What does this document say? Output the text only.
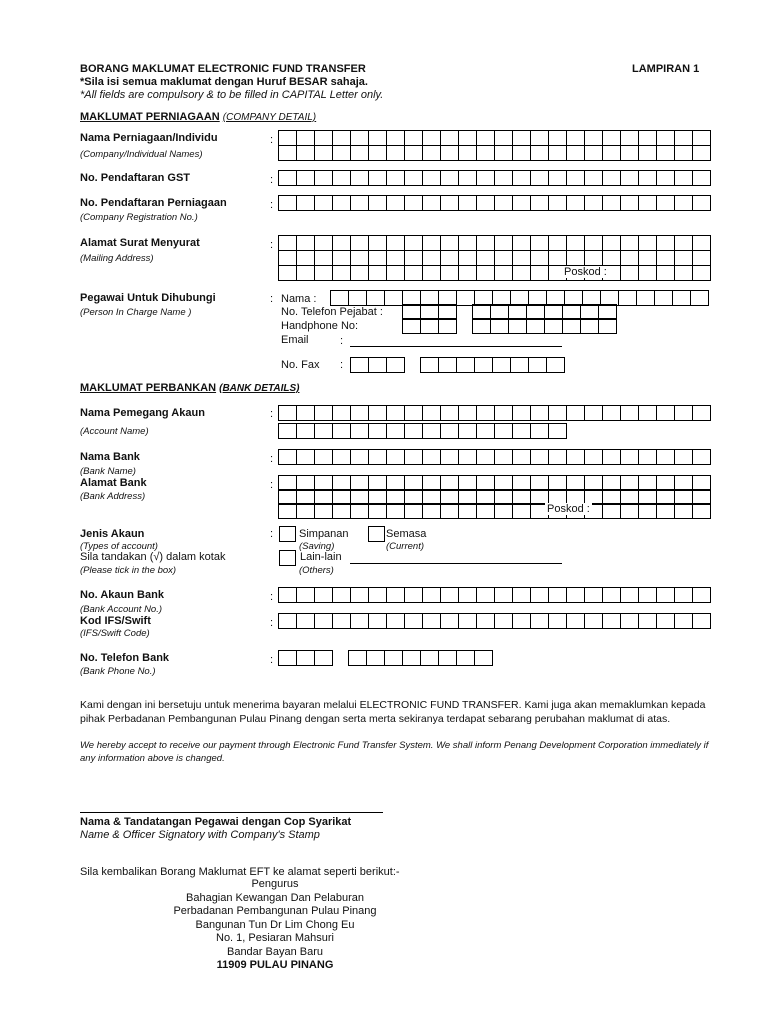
BORANG MAKLUMAT ELECTRONIC FUND TRANSFER	LAMPIRAN 1
*Sila isi semua maklumat dengan Huruf BESAR sahaja.
*All fields are compulsory & to be filled in CAPITAL Letter only.
MAKLUMAT PERNIAGAAN (COMPANY DETAIL)
Nama Perniagaan/Individu
(Company/Individual Names)
:
No. Pendaftaran GST	:
No. Pendaftaran Perniagaan
(Company Registration No.)
:
Alamat Surat Menyurat
(Mailing Address)
:
Poskod :
Pegawai Untuk Dihubungi
(Person In Charge Name )
: Nama :
No. Telefon Pejabat :
Handphone No:
Email	:
No. Fax :
MAKLUMAT PERBANKAN (BANK DETAILS)
Nama Pemegang Akaun
(Account Name)
:
Nama Bank
(Bank Name)
:
Alamat Bank
(Bank Address)
:
Poskod :
Jenis Akaun
(Types of account)
Sila tandakan (√) dalam kotak
(Please tick in the box)
: Simpanan
(Saving)
Semasa
(Current)
Lain-lain
(Others)
No. Akaun Bank
(Bank Account No.)
:
Kod IFS/Swift
(IFS/Swift Code)
:
No. Telefon Bank
(Bank Phone No.)
:
Kami dengan ini bersetuju untuk menerima bayaran melalui ELECTRONIC FUND TRANSFER. Kami juga akan memaklumkan kepada pihak Perbadanan Pembangunan Pulau Pinang dengan serta merta sekiranya terdapat sebarang perubahan maklumat di atas.
We hereby accept to receive our payment through Electronic Fund Transfer System. We shall inform Penang Development Corporation immediately if any information above is changed.
Nama & Tandatangan Pegawai dengan Cop Syarikat
Name & Officer Signatory with Company's Stamp
Sila kembalikan Borang Maklumat EFT ke alamat seperti berikut:-
Pengurus
Bahagian Kewangan Dan Pelaburan
Perbadanan Pembangunan Pulau Pinang
Bangunan Tun Dr Lim Chong Eu
No. 1, Pesiaran Mahsuri
Bandar Bayan Baru
11909 PULAU PINANG
